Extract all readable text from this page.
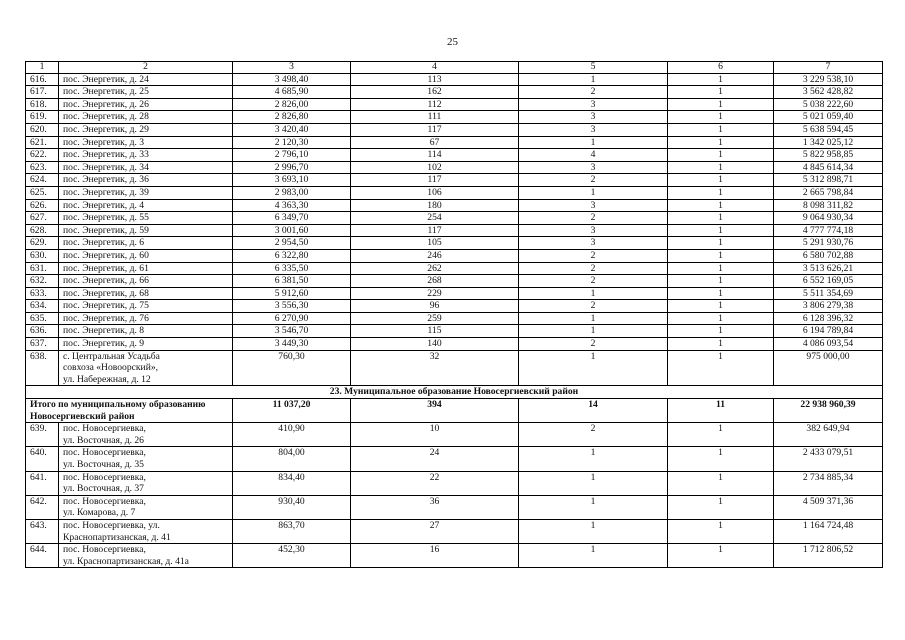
25
1	2	3	4	5	6	7
616.	пос. Энергетик, д. 24	3 498,40	113	1	1	3 229 538,10
617.	пос. Энергетик, д. 25	4 685,90	162	2	1	3 562 428,82
618.	пос. Энергетик, д. 26	2 826,00	112	3	1	5 038 222,60
619.	пос. Энергетик, д. 28	2 826,80	111	3	1	5 021 059,40
620.	пос. Энергетик, д. 29	3 420,40	117	3	1	5 638 594,45
621.	пос. Энергетик, д. 3	2 120,30	67	1	1	1 342 025,12
622.	пос. Энергетик, д. 33	2 796,10	114	4	1	5 822 958,85
623.	пос. Энергетик, д. 34	2 996,70	102	3	1	4 845 614,34
624.	пос. Энергетик, д. 36	3 693,10	117	2	1	5 312 898,71
625.	пос. Энергетик, д. 39	2 983,00	106	1	1	2 665 798,84
626.	пос. Энергетик, д. 4	4 363,30	180	3	1	8 098 311,82
627.	пос. Энергетик, д. 55	6 349,70	254	2	1	9 064 930,34
628.	пос. Энергетик, д. 59	3 001,60	117	3	1	4 777 774,18
629.	пос. Энергетик, д. 6	2 954,50	105	3	1	5 291 930,76
630.	пос. Энергетик, д. 60	6 322,80	246	2	1	6 580 702,88
631.	пос. Энергетик, д. 61	6 335,50	262	2	1	3 513 626,21
632.	пос. Энергетик, д. 66	6 381,50	268	2	1	6 552 169,05
633.	пос. Энергетик, д. 68	5 912,60	229	1	1	5 511 354,69
634.	пос. Энергетик, д. 75	3 556,30	96	2	1	3 806 279,38
635.	пос. Энергетик, д. 76	6 270,90	259	1	1	6 128 396,32
636.	пос. Энергетик, д. 8	3 546,70	115	1	1	6 194 789,84
637.	пос. Энергетик, д. 9	3 449,30	140	2	1	4 086 093,54
638.	с. Центральная Усадьба
совхоза «Новоорский»,
ул. Набережная, д. 12	760,30	32	1	1	975 000,00
23. Муниципальное образование Новосергиевский район						

Итого по муниципальному образованию
Новосергиевский район		11 037,20	394	14	11	22 938 960,39
639.	пос. Новосергиевка,
ул. Восточная, д. 26	410,90	10	2	1	382 649,94
640.	пос. Новосергиевка,
ул. Восточная, д. 35	804,00	24	1	1	2 433 079,51
641.	пос. Новосергиевка,
ул. Восточная, д. 37	834,40	22	1	1	2 734 885,34
642.	пос. Новосергиевка,
ул. Комарова, д. 7	930,40	36	1	1	4 509 371,36
643.	пос. Новосергиевка, ул.
Краснопартизанская, д. 41	863,70	27	1	1	1 164 724,48
644.	пос. Новосергиевка,
ул. Краснопартизанская, д. 41а	452,30	16	1	1	1 712 806,52
